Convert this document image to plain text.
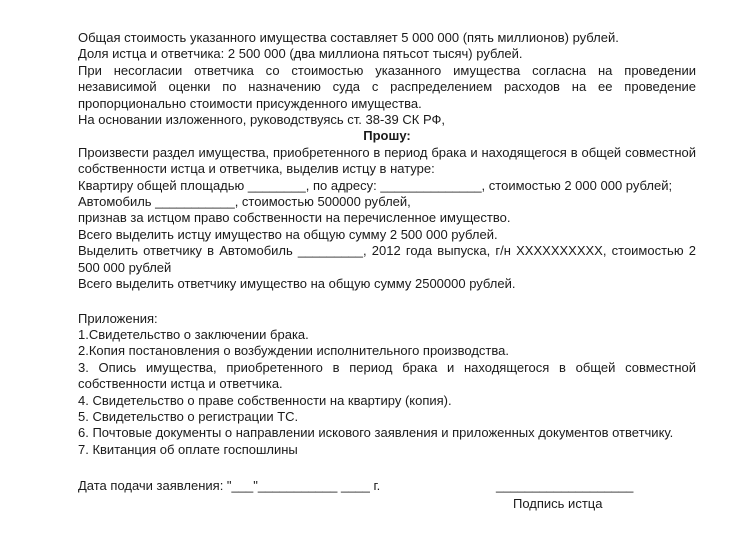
Общая стоимость указанного имущества составляет 5 000 000 (пять миллионов) рублей.

Доля истца и ответчика: 2 500 000 (два миллиона пятьсот тысяч) рублей.

При несогласии ответчика со стоимостью указанного имущества согласна на проведении независимой оценки по назначению суда с распределением расходов на ее проведение пропорционально стоимости присужденного имущества.

На основании изложенного, руководствуясь ст. 38-39 СК РФ,

Прошу:

Произвести раздел имущества, приобретенного в период брака и находящегося в общей совместной собственности истца и ответчика, выделив истцу в натуре:

Квартиру общей площадью ________, по адресу: ______________, стоимостью 2 000 000 рублей;

Автомобиль ___________, стоимостью 500000 рублей,

признав за истцом право собственности на перечисленное имущество.

Всего выделить истцу имущество на общую сумму 2 500 000 рублей.

Выделить ответчику в Автомобиль _________, 2012 года выпуска, г/н XXXXXXXXXX, стоимостью 2 500 000 рублей

Всего выделить ответчику имущество на общую сумму 2500000 рублей.

Приложения:

1.Свидетельство о заключении брака.

2.Копия постановления о возбуждении исполнительного производства.

3. Опись имущества, приобретенного в период брака и находящегося в общей совместной собственности истца и ответчика.

4. Свидетельство о праве собственности на квартиру (копия).

5. Свидетельство о регистрации ТС.

6. Почтовые документы о направлении искового заявления и приложенных документов ответчику.

7. Квитанция об оплате госпошлины

Дата подачи заявления: "___"___________ ____ г.	___________________
Подпись истца
